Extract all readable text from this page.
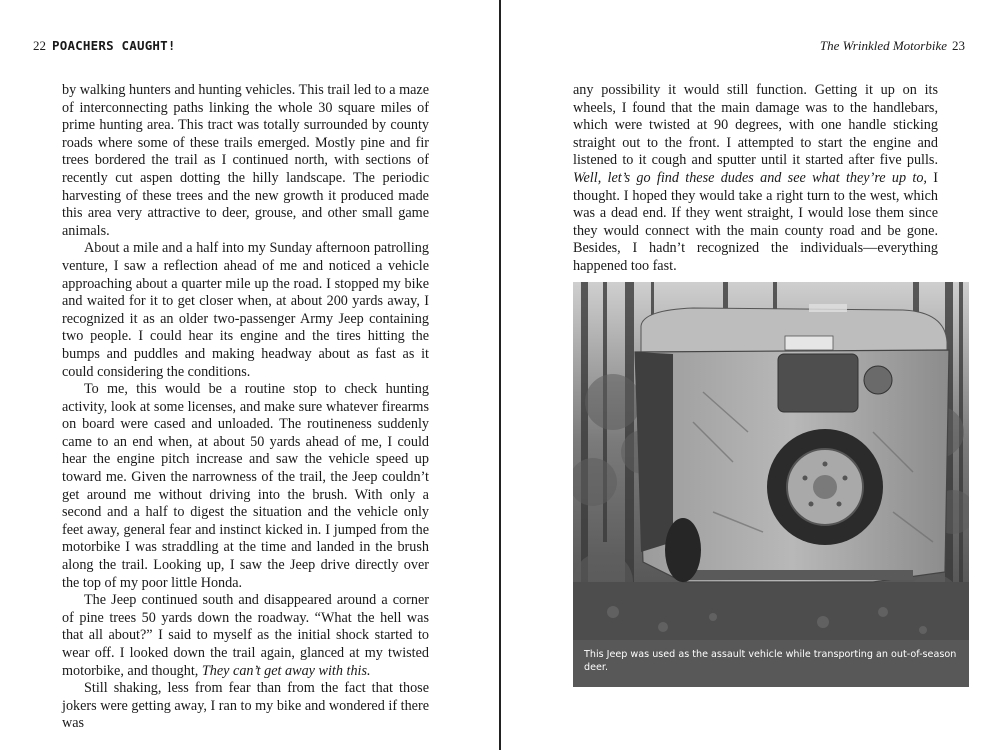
22 POACHERS CAUGHT!	The Wrinkled Motorbike 23

by walking hunters and hunting vehicles. This trail led to a maze of interconnecting paths linking the whole 30 square miles of prime hunting area. This tract was totally surrounded by county roads where some of these trails emerged. Mostly pine and fir trees bordered the trail as I continued north, with sections of recently cut aspen dotting the hilly landscape. The periodic harvesting of these trees and the new growth it produced made this area very attractive to deer, grouse, and other small game animals.

About a mile and a half into my Sunday afternoon patrolling venture, I saw a reflection ahead of me and noticed a vehicle approaching about a quarter mile up the road. I stopped my bike and waited for it to get closer when, at about 200 yards away, I recognized it as an older two-passenger Army Jeep containing two people. I could hear its engine and the tires hitting the bumps and puddles and making headway about as fast as it could considering the conditions.

To me, this would be a routine stop to check hunting activity, look at some licenses, and make sure whatever firearms on board were cased and unloaded. The routineness suddenly came to an end when, at about 50 yards ahead of me, I could hear the engine pitch increase and saw the vehicle speed up toward me. Given the narrowness of the trail, the Jeep couldn’t get around me without driving into the brush. With only a second and a half to digest the situation and the vehicle only feet away, general fear and instinct kicked in. I jumped from the motorbike I was straddling at the time and landed in the brush along the trail. Looking up, I saw the Jeep drive directly over the top of my poor little Honda.

The Jeep continued south and disappeared around a corner of pine trees 50 yards down the roadway. “What the hell was that all about?” I said to myself as the initial shock started to wear off. I looked down the trail again, glanced at my twisted motorbike, and thought, They can’t get away with this.

Still shaking, less from fear than from the fact that those jokers were getting away, I ran to my bike and wondered if there was

any possibility it would still function. Getting it up on its wheels, I found that the main damage was to the handlebars, which were twisted at 90 degrees, with one handle sticking straight out to the front. I attempted to start the engine and listened to it cough and sputter until it started after five pulls. Well, let’s go find these dudes and see what they’re up to, I thought. I hoped they would take a right turn to the west, which was a dead end. If they went straight, I would lose them since they would connect with the main county road and be gone. Besides, I hadn’t recognized the individuals—everything happened too fast.

This Jeep was used as the assault vehicle while transporting an out-of-season deer.
